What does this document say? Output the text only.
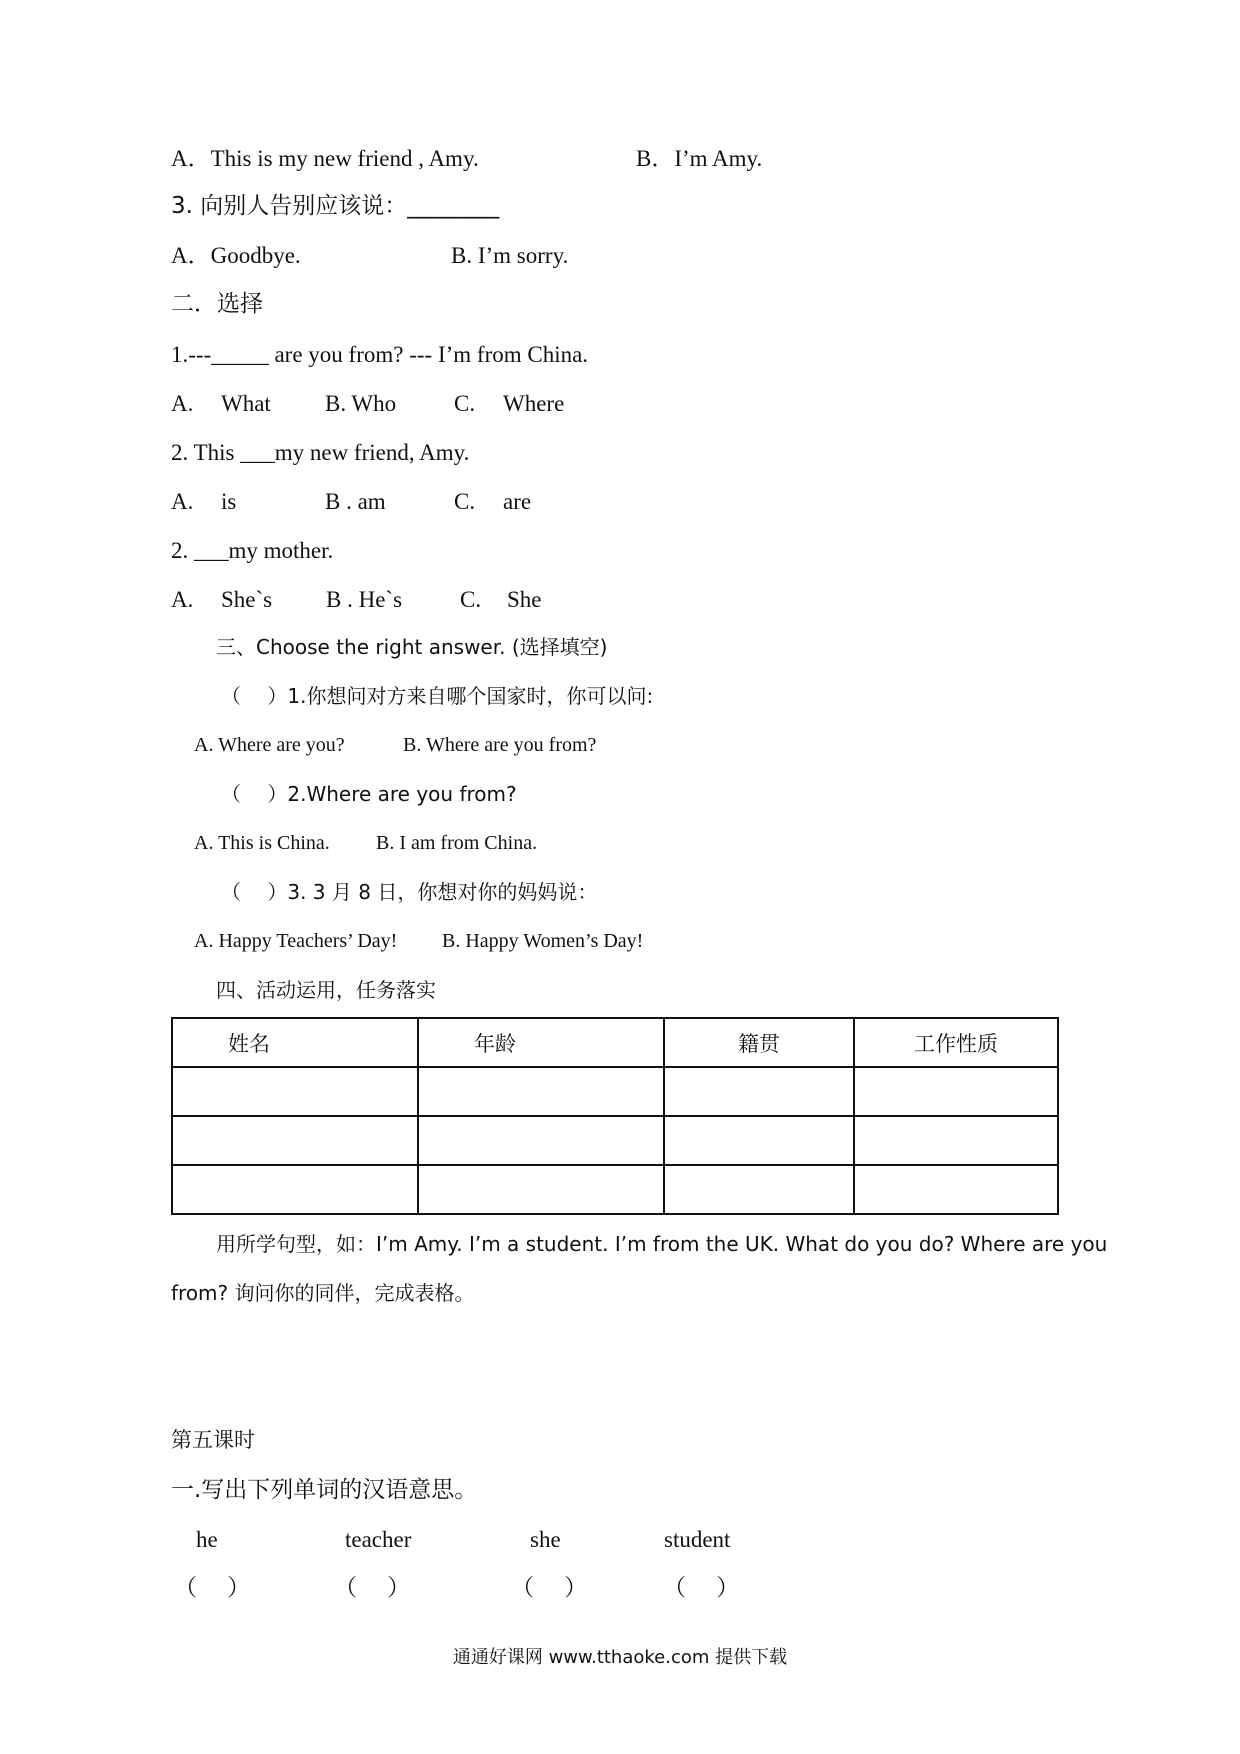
A．This is my new friend , Amy.	B．I’m Amy.
3. 向别人告别应该说：________
A．Goodbye.	B. I’m sorry.
二．选择
1.---_____ are you from? --- I’m from China.
A. What B. Who	C. Where
2. This ___my new friend, Amy.
A. is	B . am	C. are
2. ___my mother.
A. She`s B . He`s	C. She
三、Choose the right answer. (选择填空)
（　 ）1.你想问对方来自哪个国家时，你可以问:
A. Where are you?	B. Where are you from?
（　 ）2.Where are you from?
A. This is China. B. I am from China.
（　 ）3. 3 月 8 日，你想对你的妈妈说：
A. Happy Teachers’ Day! B. Happy Women’s Day!
四、活动运用，任务落实
姓名	年龄	籍贯	工作性质

用所学句型，如：I’m Amy. I’m a student. I’m from the UK. What do you do? Where are you
from? 询问你的同伴，完成表格。
第五课时
一.写出下列单词的汉语意思。
he	teacher	she	student
（　 ）	（　 ）	（　 ）	（　 ）
通通好课网 www.tthaoke.com 提供下载
